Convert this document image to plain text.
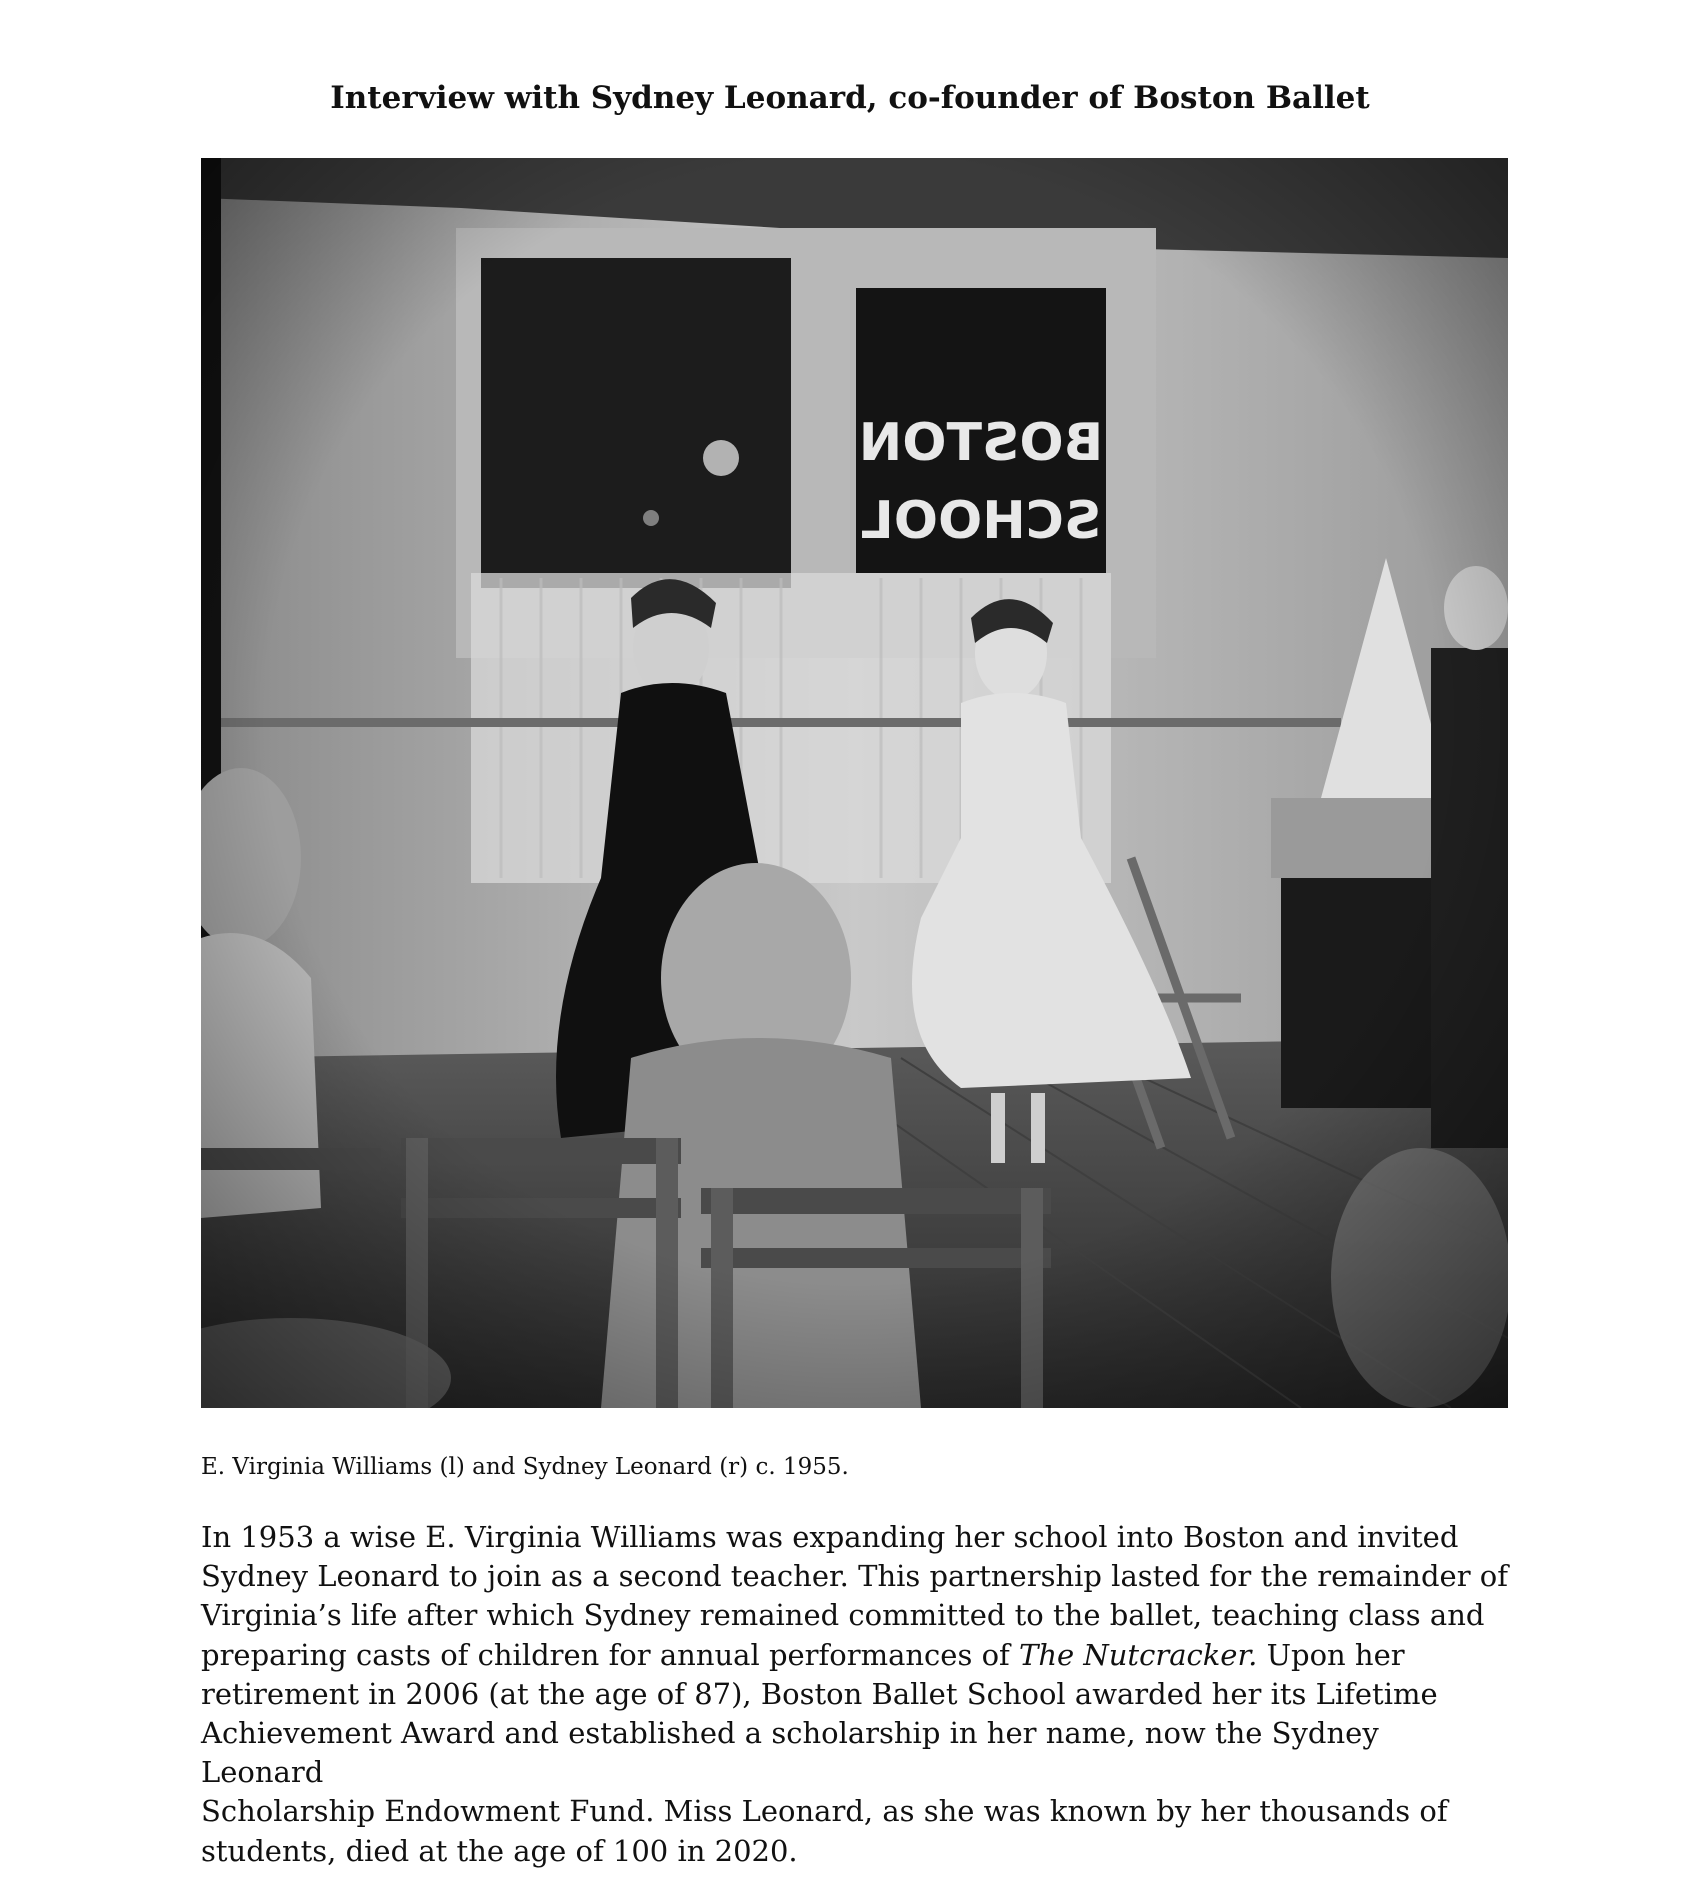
Interview with Sydney Leonard, co-founder of Boston Ballet
E. Virginia Williams (l) and Sydney Leonard (r) c. 1955.

In 1953 a wise E. Virginia Williams was expanding her school into Boston and invited

Sydney Leonard to join as a second teacher. This partnership lasted for the remainder of

Virginia’s life after which Sydney remained committed to the ballet, teaching class and

preparing casts of children for annual performances of The Nutcracker. Upon her

retirement in 2006 (at the age of 87), Boston Ballet School awarded her its Lifetime

Achievement Award and established a scholarship in her name, now the Sydney Leonard

Scholarship Endowment Fund. Miss Leonard, as she was known by her thousands of

students, died at the age of 100 in 2020.
